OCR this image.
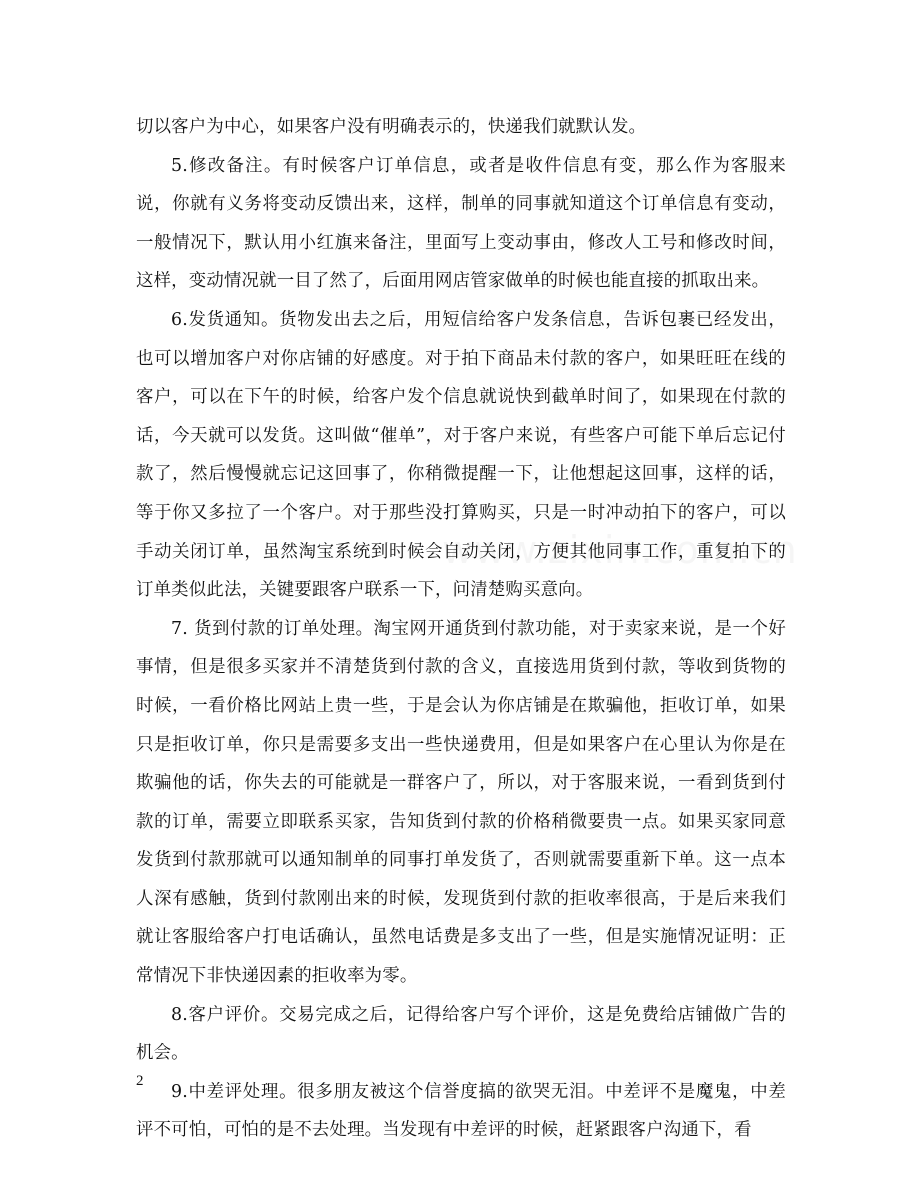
切以客户为中心，如果客户没有明确表示的，快递我们就默认发。

5.修改备注。有时候客户订单信息，或者是收件信息有变，那么作为客服来说，你就有义务将变动反馈出来，这样，制单的同事就知道这个订单信息有变动，一般情况下，默认用小红旗来备注，里面写上变动事由，修改人工号和修改时间，这样，变动情况就一目了然了，后面用网店管家做单的时候也能直接的抓取出来。

6.发货通知。货物发出去之后，用短信给客户发条信息，告诉包裹已经发出，也可以增加客户对你店铺的好感度。对于拍下商品未付款的客户，如果旺旺在线的客户，可以在下午的时候，给客户发个信息就说快到截单时间了，如果现在付款的话，今天就可以发货。这叫做“催单”，对于客户来说，有些客户可能下单后忘记付款了，然后慢慢就忘记这回事了，你稍微提醒一下，让他想起这回事，这样的话，等于你又多拉了一个客户。对于那些没打算购买，只是一时冲动拍下的客户，可以手动关闭订单，虽然淘宝系统到时候会自动关闭，方便其他同事工作，重复拍下的订单类似此法，关键要跟客户联系一下，问清楚购买意向。

7. 货到付款的订单处理。淘宝网开通货到付款功能，对于卖家来说，是一个好事情，但是很多买家并不清楚货到付款的含义，直接选用货到付款，等收到货物的时候，一看价格比网站上贵一些，于是会认为你店铺是在欺骗他，拒收订单，如果只是拒收订单，你只是需要多支出一些快递费用，但是如果客户在心里认为你是在欺骗他的话，你失去的可能就是一群客户了，所以，对于客服来说，一看到货到付款的订单，需要立即联系买家，告知货到付款的价格稍微要贵一点。如果买家同意发货到付款那就可以通知制单的同事打单发货了，否则就需要重新下单。这一点本人深有感触，货到付款刚出来的时候，发现货到付款的拒收率很高，于是后来我们就让客服给客户打电话确认，虽然电话费是多支出了一些，但是实施情况证明：正常情况下非快递因素的拒收率为零。

8.客户评价。交易完成之后，记得给客户写个评价，这是免费给店铺做广告的机会。

9.中差评处理。很多朋友被这个信誉度搞的欲哭无泪。中差评不是魔鬼，中差评不可怕，可怕的是不去处理。当发现有中差评的时候，赶紧跟客户沟通下，看

2
